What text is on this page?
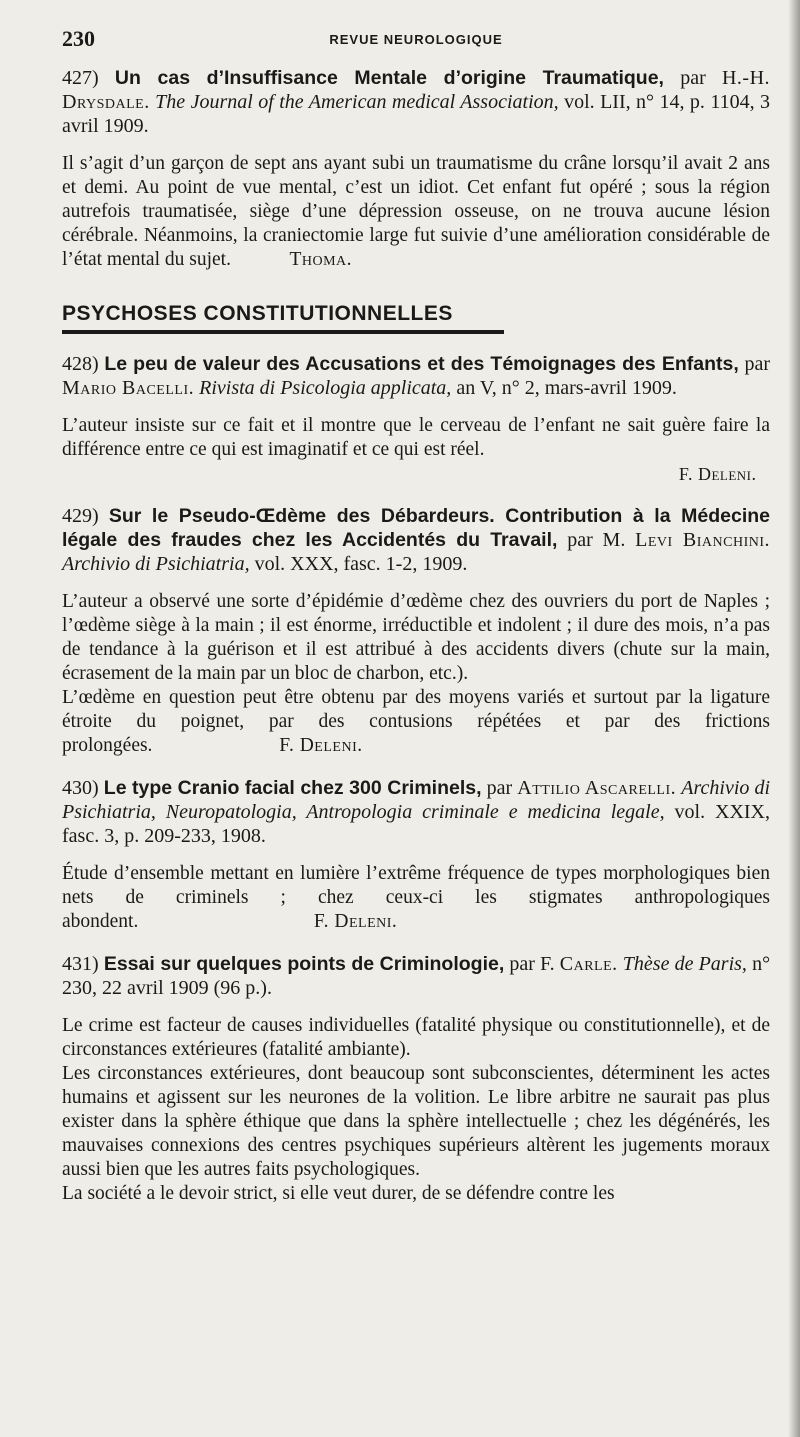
230	REVUE NEUROLOGIQUE
427) Un cas d’Insuffisance Mentale d’origine Traumatique, par H.-H. Drysdale. The Journal of the American medical Association, vol. LII, n° 14, p. 1104, 3 avril 1909.

Il s’agit d’un garçon de sept ans ayant subi un traumatisme du crâne lorsqu’il avait 2 ans et demi. Au point de vue mental, c’est un idiot. Cet enfant fut opéré ; sous la région autrefois traumatisée, siège d’une dépression osseuse, on ne trouva aucune lésion cérébrale. Néanmoins, la craniectomie large fut suivie d’une amélioration considérable de l’état mental du sujet.	Thoma.

PSYCHOSES CONSTITUTIONNELLES
428) Le peu de valeur des Accusations et des Témoignages des Enfants, par Mario Bacelli. Rivista di Psicologia applicata, an V, n° 2, mars-avril 1909.

L’auteur insiste sur ce fait et il montre que le cerveau de l’enfant ne sait guère faire la différence entre ce qui est imaginatif et ce qui est réel.

F. Deleni.

429) Sur le Pseudo-Œdème des Débardeurs. Contribution à la Médecine légale des fraudes chez les Accidentés du Travail, par M. Levi Bianchini. Archivio di Psichiatria, vol. XXX, fasc. 1-2, 1909.

L’auteur a observé une sorte d’épidémie d’œdème chez des ouvriers du port de Naples ; l’œdème siège à la main ; il est énorme, irréductible et indolent ; il dure des mois, n’a pas de tendance à la guérison et il est attribué à des accidents divers (chute sur la main, écrasement de la main par un bloc de charbon, etc.).

L’œdème en question peut être obtenu par des moyens variés et surtout par la ligature étroite du poignet, par des contusions répétées et par des frictions prolongées.	F. Deleni.

430) Le type Cranio facial chez 300 Criminels, par Attilio Ascarelli. Archivio di Psichiatria, Neuropatologia, Antropologia criminale e medicina legale, vol. XXIX, fasc. 3, p. 209-233, 1908.

Étude d’ensemble mettant en lumière l’extrême fréquence de types morphologiques bien nets de criminels ; chez ceux-ci les stigmates anthropologiques abondent.	F. Deleni.

431) Essai sur quelques points de Criminologie, par F. Carle. Thèse de Paris, n° 230, 22 avril 1909 (96 p.).

Le crime est facteur de causes individuelles (fatalité physique ou constitutionnelle), et de circonstances extérieures (fatalité ambiante).

Les circonstances extérieures, dont beaucoup sont subconscientes, déterminent les actes humains et agissent sur les neurones de la volition. Le libre arbitre ne saurait pas plus exister dans la sphère éthique que dans la sphère intellectuelle ; chez les dégénérés, les mauvaises connexions des centres psychiques supérieurs altèrent les jugements moraux aussi bien que les autres faits psychologiques.

La société a le devoir strict, si elle veut durer, de se défendre contre les
